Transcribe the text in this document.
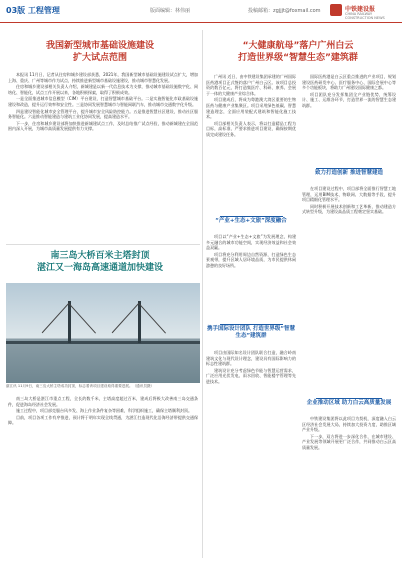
03版 工程管理	版面编辑：林伟丽	投稿邮箱：zgjjjt@foxmail.com	中铁建设报
CHINA RAILWAY CONSTRUCTION NEWS
我国新型城市基础设施建设
扩大试点范围

本报讯 11月日，记者从住房和城乡建设部获悉，2021年，我国新型城市基础设施建设试点扩大，增加上海、重庆、广州等城市作为试点，持续推进新型城市基础设施建设，推动城市智慧化发展。

住房和城乡建设部相关负责人介绍，新城建是以新一代信息技术为支撑，推动城市基础设施数字化、网络化、智能化，试点工作开展以来，各地积极探索，取得了积极成效。

一是全面推进城市信息模型（CIM）平台建设，打造智慧城市基础平台。二是实施智能化市政基础设施建设和改造，提升运行效率和安全性。三是协同发展智慧城市与智能网联汽车，推动城市交通数字化升级。

四是建设智能化城市安全管理平台，提升城市安全风险防控能力。五是推进智慧社区建设，推动社区服务智能化。六是推动智能建造与建筑工业化协同发展，提高建造水平。

下一步，住房和城乡建设部将加快推进新城建试点工作，及时总结推广试点经验，推动新城建在全国范围内深入开展，为城市高质量发展提供有力支撑。

南三岛大桥百米主塔封顶
湛江又一海岛高速通道加快建设
湛江讯 11月9日，南三岛大桥主塔成功封顶，标志着该项目建设取得重要进展。（通讯员摄）

南三岛大桥是湛江市重点工程，全长约数千米，主塔高度超过百米，建成后将极大改善南三岛交通条件，促进海岛经济社会发展。

施工过程中，项目部克服台风多发、海上作业条件复杂等困难，科学组织施工，确保主塔顺利封顶。

目前，项目各项工作有序推进，预计将于明年实现全线贯通，为湛江打造现代化沿海经济带提供交通保障。

“大健康航母”落户广州白云
打造世界级“智慧生态”建筑群

广州讯 近日，由中铁建设集团承建的广州国际医药港项目正式签约落户广州白云区。该项目总投资约数百亿元，将打造集医疗、科研、康养、会展于一体的大健康产业综合体。

项目建成后，将成为粤港澳大湾区重要的生物医药与健康产业集聚区。项目采用绿色低碳、智慧建造理念，全面应用装配式建筑和智能化施工技术。

项目部相关负责人表示，将以打造精品工程为目标，高标准、严要求推进项目建设，确保按期优质完成建设任务。

国际医药港是白云区重点推进的产业项目，规划建设医药研发中心、医疗服务中心、国际会展中心等多个功能板块，将助力广州建设国际健康之都。

项目团队充分发挥集团全产业链优势，统筹设计、施工、运维各环节，打造世界一流的智慧生态建筑群。

致力打造创新 推进智慧建造

在项目建设过程中，项目部将全面推行智慧工地管理，运用BIM技术、物联网、大数据等手段，提升项目精细化管理水平。

同时积极开展技术创新和工艺革新，推动建造方式转型升级，为建设高品质工程奠定坚实基础。

“产业+生态+文旅”深度融合

项目以“产业+生态+文旅”为发展理念，构建多元融合的城市功能空间，实现经济效益和社会效益双赢。

项目将充分利用周边自然资源，打造绿色生态景观带，提升区域人居环境品质，为市民提供休闲游憩的良好场所。

携手国际设计团队 打造世界级“智慧生态”建筑群

项目由国际知名设计团队联合打造，融合岭南建筑文化与现代设计理念，建设具有国际影响力的标志性建筑群。

建筑设计充分考虑绿色节能与智慧运营需求，广泛应用光伏发电、雨水回收、智能楼宇管理等先进技术。

企业推动区域 助力白云高质量发展

中铁建设集团将以此项目为契机，深度融入白云区经济社会发展大局，持续加大投资力度，助推区域产业升级。

下一步，双方将进一步深化合作，在城市建设、产业发展等领域开展更广泛合作，共同推动白云区高质量发展。
